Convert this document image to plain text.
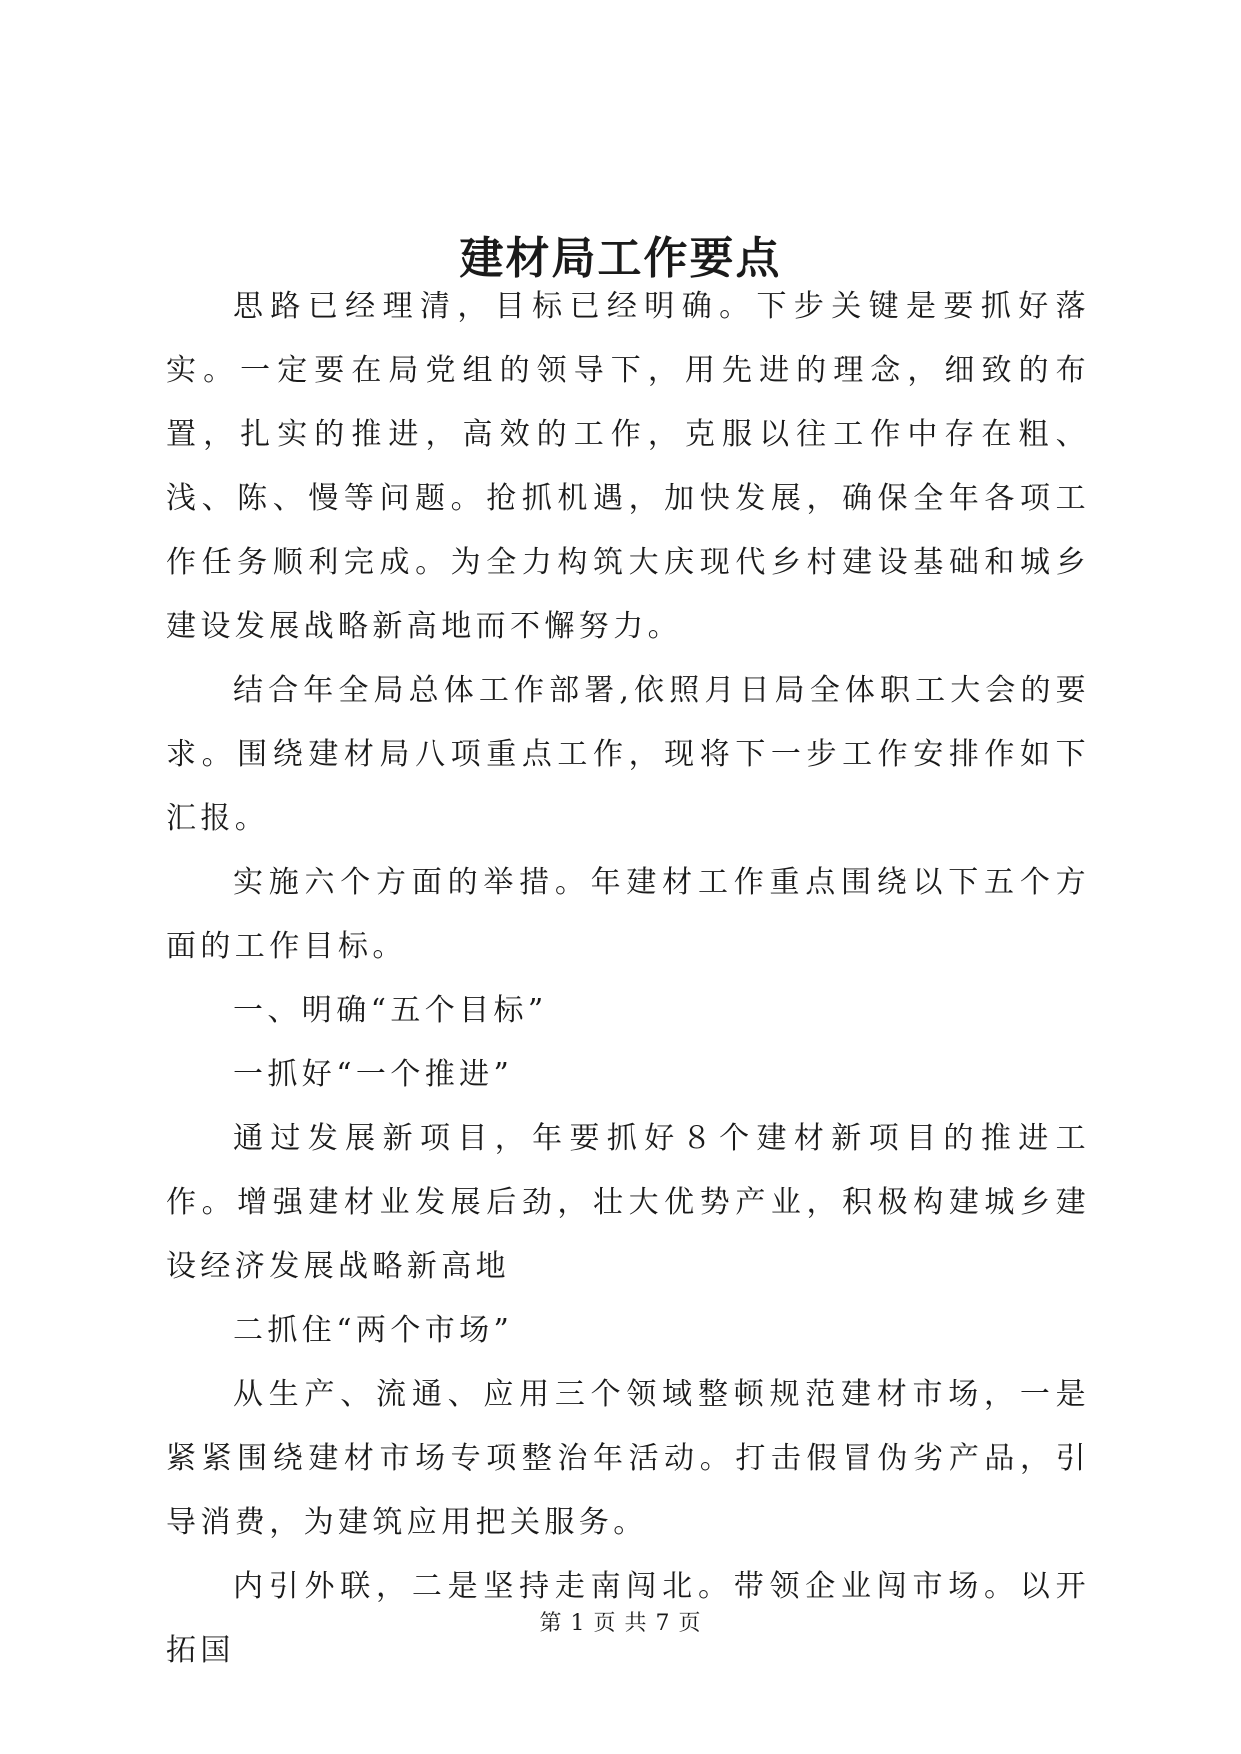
建材局工作要点

思路已经理清，目标已经明确。下步关键是要抓好落实。一定要在局党组的领导下，用先进的理念，细致的布置，扎实的推进，高效的工作，克服以往工作中存在粗、浅、陈、慢等问题。抢抓机遇，加快发展，确保全年各项工作任务顺利完成。为全力构筑大庆现代乡村建设基础和城乡建设发展战略新高地而不懈努力。

结合年全局总体工作部署,依照月日局全体职工大会的要求。围绕建材局八项重点工作，现将下一步工作安排作如下汇报。

实施六个方面的举措。年建材工作重点围绕以下五个方面的工作目标。

一、明确“五个目标”

一抓好“一个推进”

通过发展新项目，年要抓好８个建材新项目的推进工作。增强建材业发展后劲，壮大优势产业，积极构建城乡建设经济发展战略新高地

二抓住“两个市场”

从生产、流通、应用三个领域整顿规范建材市场，一是紧紧围绕建材市场专项整治年活动。打击假冒伪劣产品，引导消费，为建筑应用把关服务。

内引外联，二是坚持走南闯北。带领企业闯市场。以开拓国

第 1 页 共 7 页
